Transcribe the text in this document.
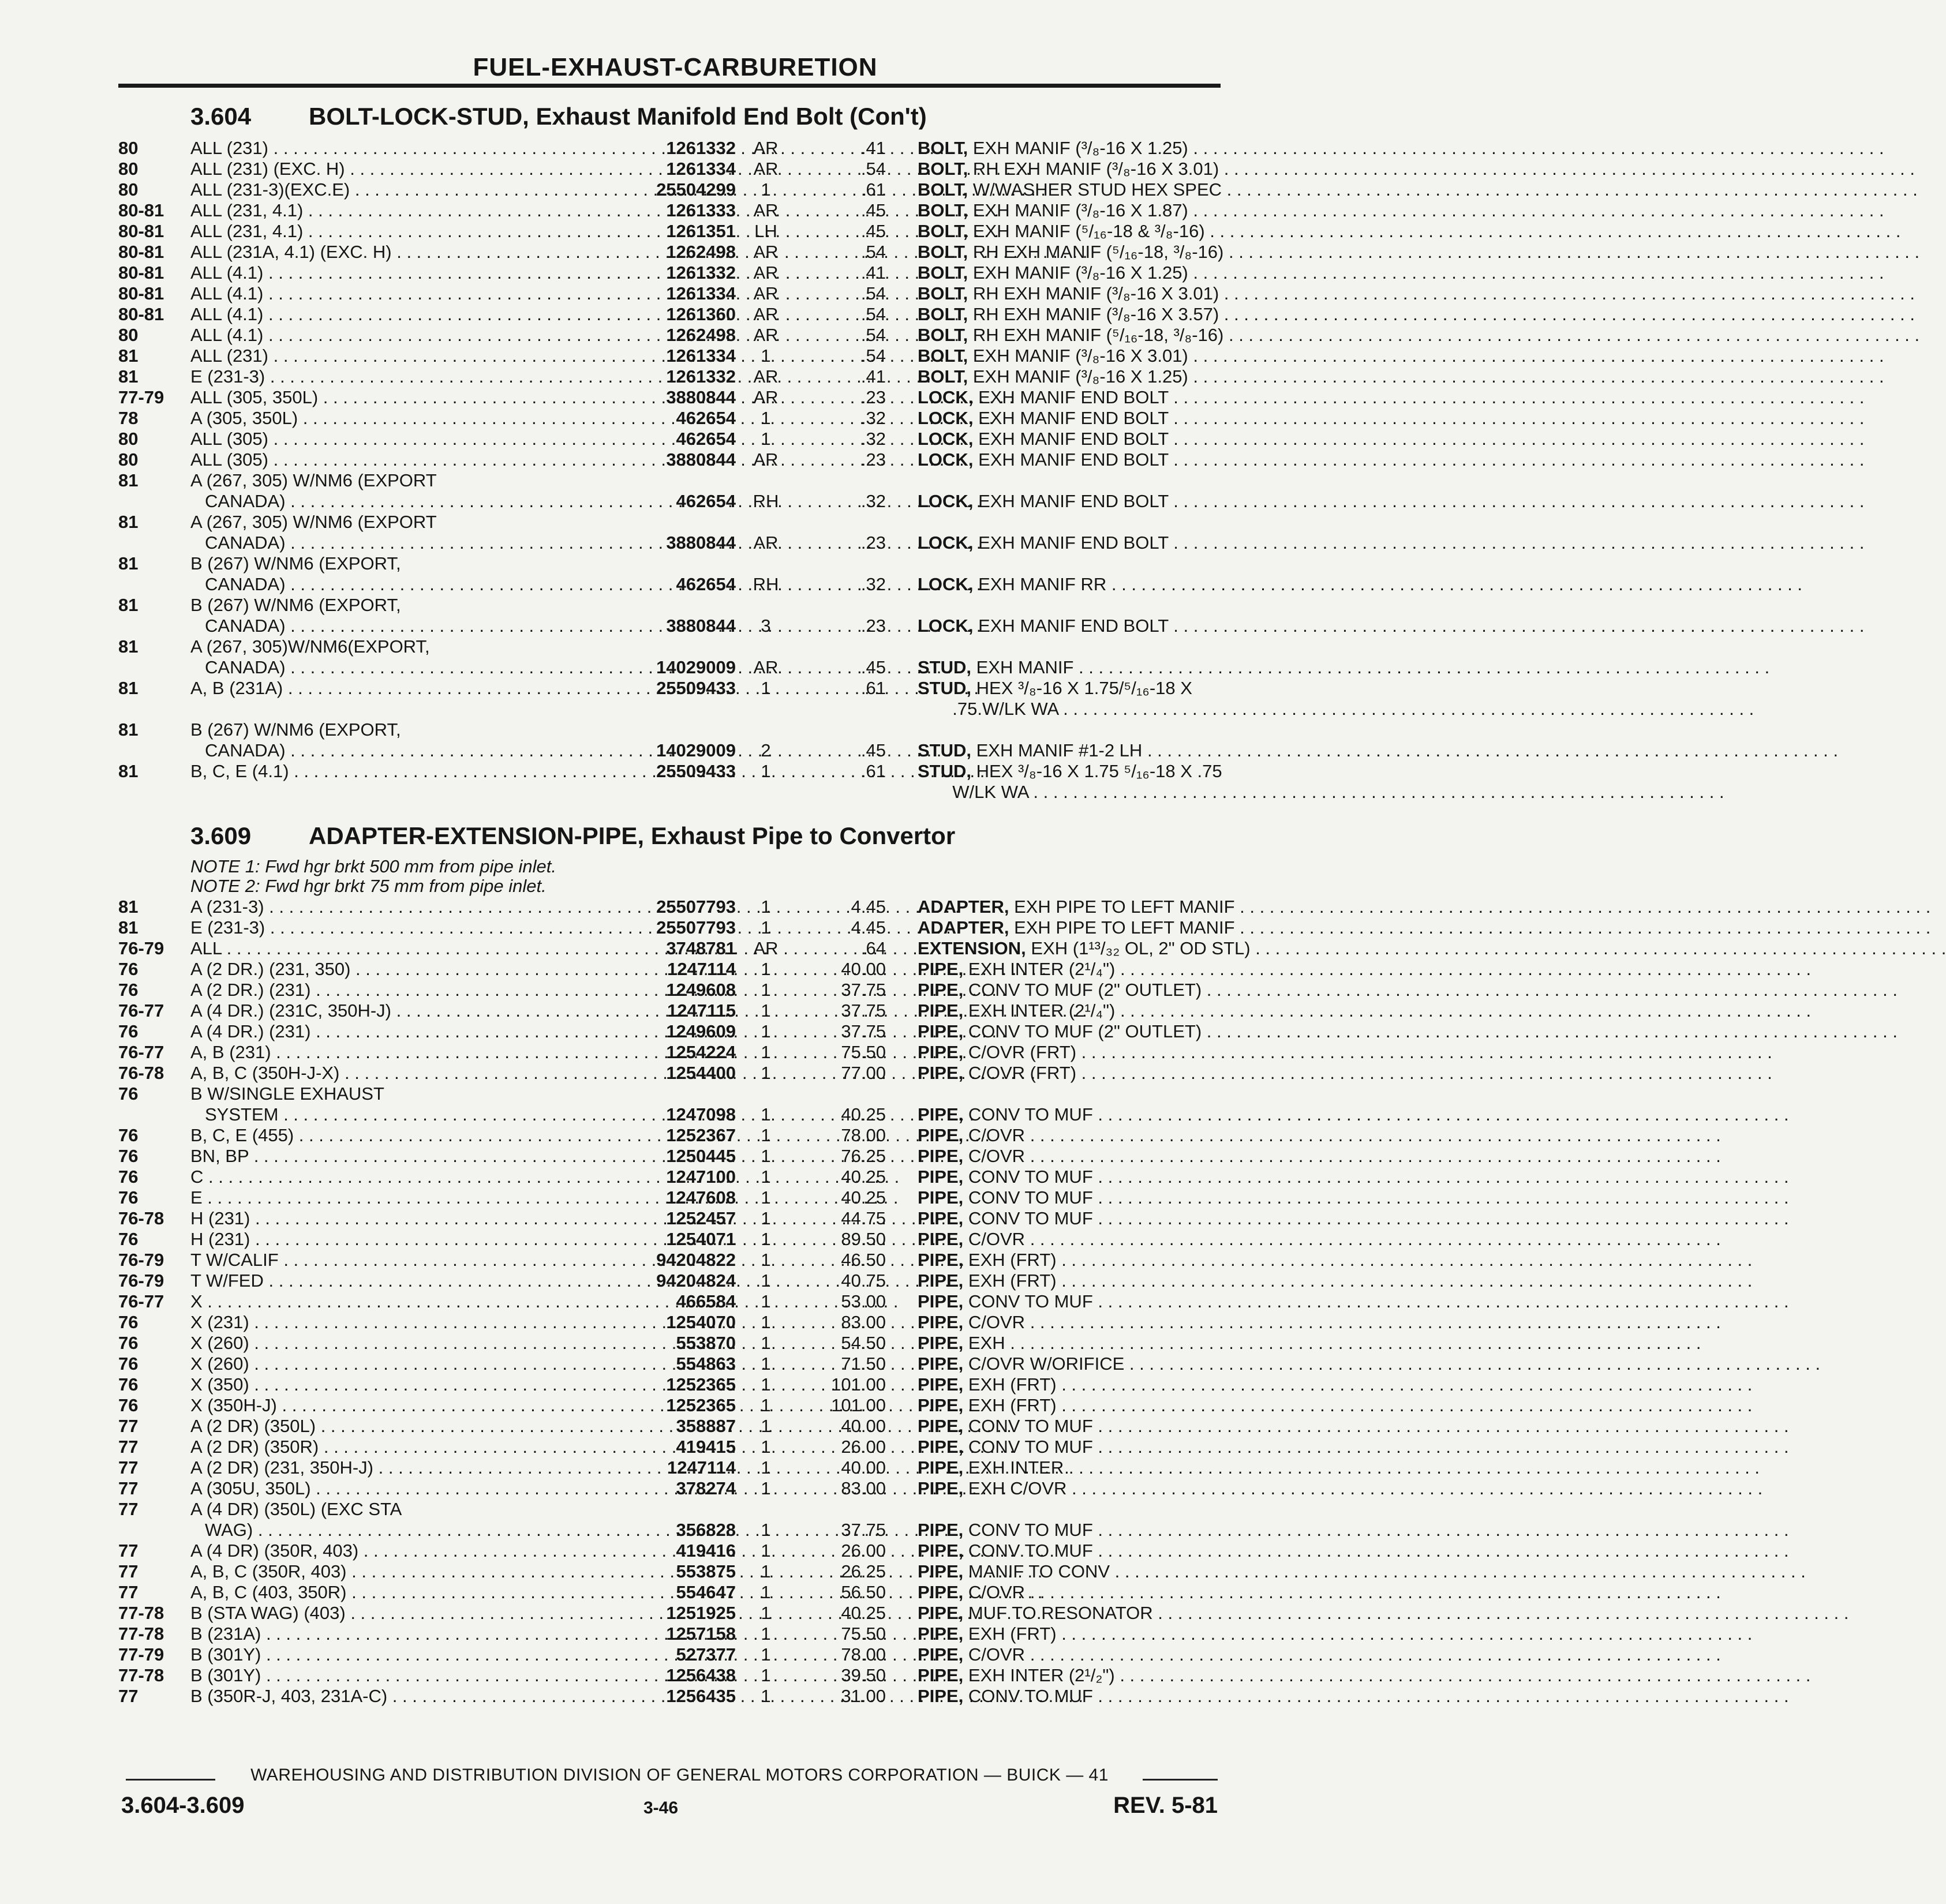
FUEL-EXHAUST-CARBURETION
3.604 BOLT-LOCK-STUD, Exhaust Manifold End Bolt (Con't)
80	ALL (231) . . .	1261332 AR	.41 BOLT, EXH MANIF (³/₈-16 X 1.25) . . .
80	ALL (231) (EXC. H) . . .	1261334 AR	.54 BOLT, RH EXH MANIF (³/₈-16 X 3.01) . . .
80	ALL (231-3)(EXC.E) . . .	25504299	1	.61 BOLT, W/WASHER STUD HEX SPEC . . .
80-81	ALL (231, 4.1) . . .	1261333 AR	.45 BOLT, EXH MANIF (³/₈-16 X 1.87) . . .
80-81	ALL (231, 4.1) . . .	1261351	LH	.45 BOLT, EXH MANIF (⁵/₁₆-18 & ³/₈-16) . . .
80-81	ALL (231A, 4.1) (EXC. H) . . .	1262498 AR	.54 BOLT, RH EXH MANIF (⁵/₁₆-18, ³/₈-16) . . .
80-81	ALL (4.1) . . .	1261332 AR	.41 BOLT, EXH MANIF (³/₈-16 X 1.25) . . .
80-81	ALL (4.1) . . .	1261334 AR	.54 BOLT, RH EXH MANIF (³/₈-16 X 3.01) . . .
80-81	ALL (4.1) . . .	1261360 AR	.54 BOLT, RH EXH MANIF (³/₈-16 X 3.57) . . .
80	ALL (4.1) . . .	1262498 AR	.54 BOLT, RH EXH MANIF (⁵/₁₆-18, ³/₈-16) . . .
81	ALL (231) . . .	1261334	1	.54 BOLT, EXH MANIF (³/₈-16 X 3.01) . . .
81	E (231-3) . . .	1261332 AR	.41 BOLT, EXH MANIF (³/₈-16 X 1.25) . . .
77-79	ALL (305, 350L) . . .	3880844 AR	.23 LOCK, EXH MANIF END BOLT . . .
78	A (305, 350L) . . .	462654	1	.32 LOCK, EXH MANIF END BOLT . . .
80	ALL (305) . . .	462654	1	.32 LOCK, EXH MANIF END BOLT . . .
80	ALL (305) . . .	3880844 AR	.23 LOCK, EXH MANIF END BOLT . . .
81	A (267, 305) W/NM6 (EXPORT

CANADA) . . .	462654 RH	.32 LOCK, EXH MANIF END BOLT . . .
81	A (267, 305) W/NM6 (EXPORT

CANADA) . . .	3880844 AR	.23 LOCK, EXH MANIF END BOLT . . .
81	B (267) W/NM6 (EXPORT,

CANADA) . . .	462654 RH	.32 LOCK, EXH MANIF RR . . .
81	B (267) W/NM6 (EXPORT,

CANADA) . . .	3880844	3	.23 LOCK, EXH MANIF END BOLT . . .
81	A (267, 305)W/NM6(EXPORT,

CANADA) . . .	14029009 AR	.45 STUD, EXH MANIF . . .
81	A, B (231A) . . .	25509433	1	.61 STUD, HEX ³/₈-16 X 1.75/⁵/₁₆-18 X
.75.W/LK WA . . .
81	B (267) W/NM6 (EXPORT,

CANADA) . . .	14029009	2	.45 STUD, EXH MANIF #1-2 LH . . .
81	B, C, E (4.1) . . .	25509433	1	.61 STUD, HEX ³/₈-16 X 1.75 ⁵/₁₆-18 X .75
W/LK WA . . .
3.609 ADAPTER-EXTENSION-PIPE, Exhaust Pipe to Convertor
NOTE 1: Fwd hgr brkt 500 mm from pipe inlet.
NOTE 2: Fwd hgr brkt 75 mm from pipe inlet.
81	A (231-3) . . .	25507793	1	4.45 ADAPTER, EXH PIPE TO LEFT MANIF . . .
81	E (231-3) . . .	25507793	1	4.45 ADAPTER, EXH PIPE TO LEFT MANIF . . .
76-79	ALL . . .	3748781 AR	.64 EXTENSION, EXH (1¹³/₃₂ OL, 2" OD STL) . . .
76	A (2 DR.) (231, 350) . . .	1247114	1	40.00 PIPE, EXH INTER (2¹/₄") . . .
76	A (2 DR.) (231) . . .	1249608	1	37.75 PIPE, CONV TO MUF (2" OUTLET) . . .
76-77	A (4 DR.) (231C, 350H-J) . . .	1247115	1	37.75 PIPE, EXH INTER (2¹/₄") . . .
76	A (4 DR.) (231) . . .	1249609	1	37.75 PIPE, CONV TO MUF (2" OUTLET) . . .
76-77	A, B (231) . . .	1254224	1	75.50 PIPE, C/OVR (FRT) . . .
76-78	A, B, C (350H-J-X) . . .	1254400	1	77.00 PIPE, C/OVR (FRT) . . .
76	B W/SINGLE EXHAUST

SYSTEM . . .	1247098	1	40.25 PIPE, CONV TO MUF . . .
76	B, C, E (455) . . .	1252367	1	78.00 PIPE, C/OVR . . .
76	BN, BP . . .	1250445	1	76.25 PIPE, C/OVR . . .
76	C . . .	1247100	1	40.25 PIPE, CONV TO MUF . . .
76	E . . .	1247608	1	40.25 PIPE, CONV TO MUF . . .
76-78	H (231) . . .	1252457	1	44.75 PIPE, CONV TO MUF . . .
76	H (231) . . .	1254071	1	89.50 PIPE, C/OVR . . .
76-79	T W/CALIF . . .	94204822	1	46.50 PIPE, EXH (FRT) . . .
76-79	T W/FED . . .	94204824	1	40.75 PIPE, EXH (FRT) . . .
76-77	X . . .	466584	1	53.00 PIPE, CONV TO MUF . . .
76	X (231) . . .	1254070	1	83.00 PIPE, C/OVR . . .
76	X (260) . . .	553870	1	54.50 PIPE, EXH . . .
76	X (260) . . .	554863	1	71.50 PIPE, C/OVR W/ORIFICE . . .
76	X (350) . . .	1252365	1	101.00 PIPE, EXH (FRT) . . .
76	X (350H-J) . . .	1252365	1	101.00 PIPE, EXH (FRT) . . .
77	A (2 DR) (350L) . . .	358887	1	40.00 PIPE, CONV TO MUF . . .
77	A (2 DR) (350R) . . .	419415	1	26.00 PIPE, CONV TO MUF . . .
77	A (2 DR) (231, 350H-J) . . .	1247114	1	40.00 PIPE, EXH INTER . . .
77	A (305U, 350L) . . .	378274	1	83.00 PIPE, EXH C/OVR . . .
77	A (4 DR) (350L) (EXC STA

WAG) . . .	356828	1	37.75 PIPE, CONV TO MUF . . .
77	A (4 DR) (350R, 403) . . .	419416	1	26.00 PIPE, CONV TO MUF . . .
77	A, B, C (350R, 403) . . .	553875	1	26.25 PIPE, MANIF TO CONV . . .
77	A, B, C (403, 350R) . . .	554647	1	56.50 PIPE, C/OVR . . .
77-78	B (STA WAG) (403) . . .	1251925	1	40.25 PIPE, MUF TO RESONATOR . . .
77-78	B (231A) . . .	1257158	1	75.50 PIPE, EXH (FRT) . . .
77-79	B (301Y) . . .	527377	1	78.00 PIPE, C/OVR . . .
77-78	B (301Y) . . .	1256438	1	39.50 PIPE, EXH INTER (2¹/₂") . . .
77	B (350R-J, 403, 231A-C) . . .	1256435	1	31.00 PIPE, CONV TO MUF . . .
WAREHOUSING AND DISTRIBUTION DIVISION OF GENERAL MOTORS CORPORATION — BUICK — 41
3.604-3.609	3-46	REV. 5-81
